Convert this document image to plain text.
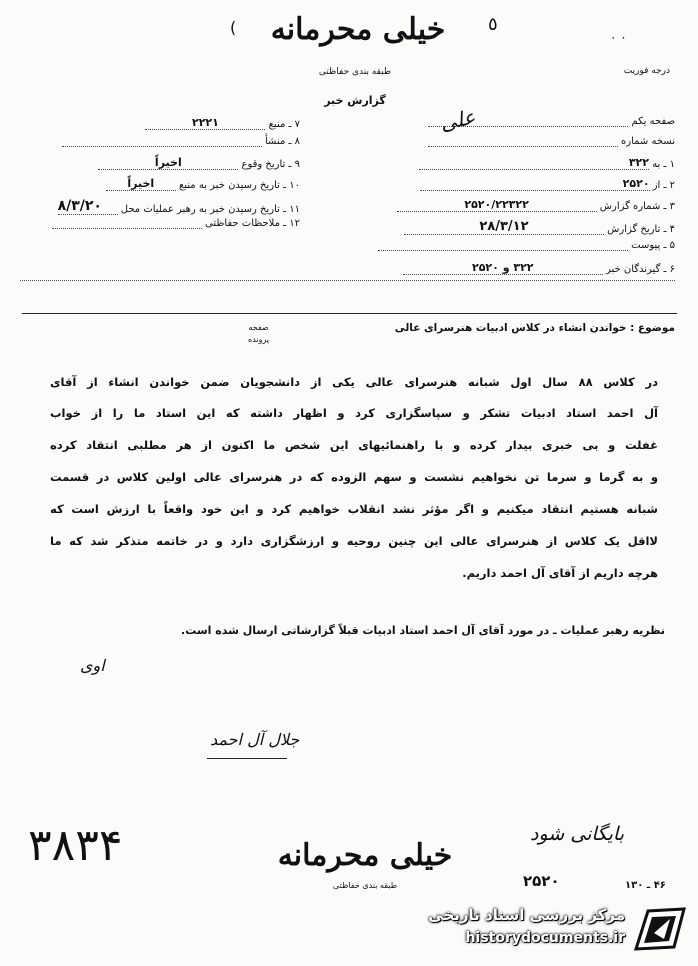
(	٥
۰ ۰
خیلی محرمانه
طبقه بندی حفاظتی
گزارش خبر
درجه فوریت
علی
۷ ـ منبع ۲۲۲۱
۸ ـ منشأ
۹ ـ تاریخ وقوع اخیراً
۱۰ ـ تاریخ رسیدن خبر به منبع اخیراً
۱۱ ـ تاریخ رسیدن خبر به رهبر عملیات محل ۸/۳/۲۰
۱۲ ـ ملاحظات حفاظتی
صفحه یکم
نسخه شماره
۱ ـ به ۳۲۲
۲ ـ از ۲۵۲۰
۳ ـ شماره گزارش ۲۵۲۰/۲۲۳۲۲
۴ ـ تاریخ گزارش ۲۸/۳/۱۲
۵ ـ پیوست
۶ ـ گیرندگان خبر ۳۲۲ و ۲۵۲۰
صفحه
پرونده
موضوع : خواندن انشاء در کلاس ادبیات هنرسرای عالی
در کلاس ۸۸ سال اول شبانه هنرسرای عالی یکی از دانشجویان ضمن خواندن انشاء از آقای
آل احمد استاد ادبیات تشکر و سپاسگزاری کرد و اظهار داشته که این استاد ما را از خواب
غفلت و بی خبری بیدار کرده و با راهنمائیهای این شخص ما اکنون از هر مطلبی انتقاد کرده
و به گرما و سرما تن نخواهیم نشست و سهم الزوده که در هنرسرای عالی اولین کلاس در قسمت
شبانه هستیم انتقاد میکنیم و اگر مؤثر نشد انقلاب خواهیم کرد و این خود واقعاً با ارزش است که
لااقل یک کلاس از هنرسرای عالی این چنین روحیه و ارزشگزاری دارد و در خاتمه متذکر شد که ما
هرچه داریم از آقای آل احمد داریم.
نظریه رهبر عملیات ـ در مورد آقای آل احمد استاد ادبیات قبلاً گزارشاتی ارسال شده است.
اوی
جلال آل احمد
۳۸۳۴	خیلی محرمانه
طبقه بندی حفاظتی
بایگانی شود
۲۵۲۰	۴۶ ـ ۱۳۰
مرکز بررسی اسناد تاریخی
historydocuments.ir
